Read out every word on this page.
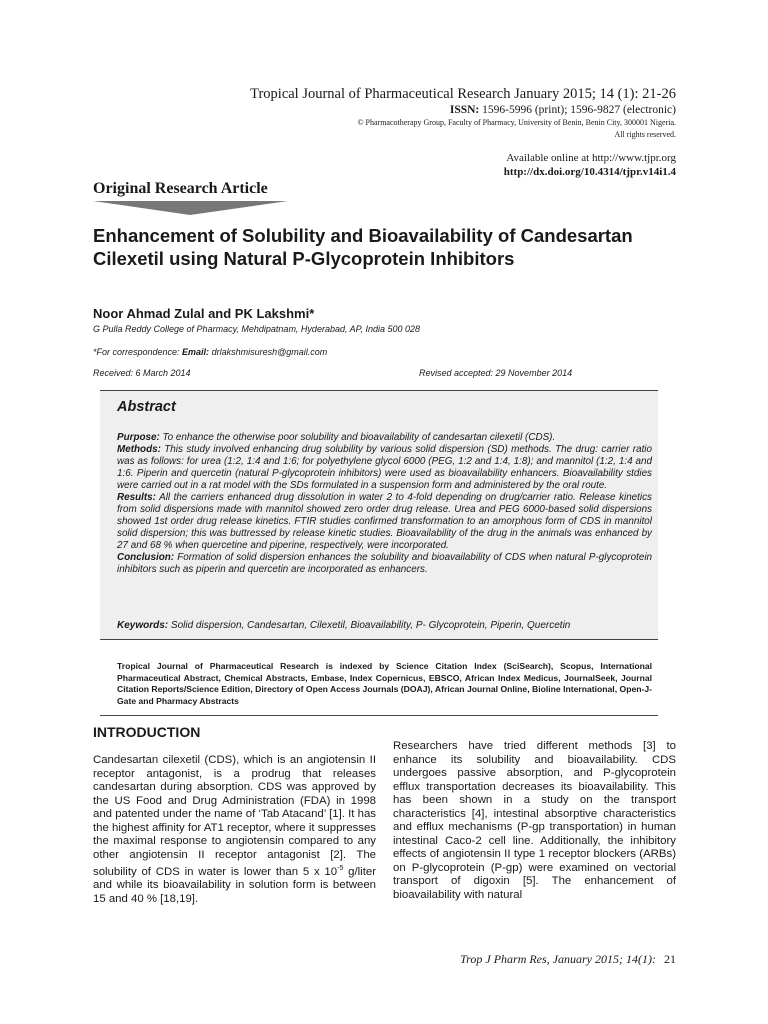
Tropical Journal of Pharmaceutical Research January 2015; 14 (1): 21-26
ISSN: 1596-5996 (print); 1596-9827 (electronic)
© Pharmacotherapy Group, Faculty of Pharmacy, University of Benin, Benin City, 300001 Nigeria.
All rights reserved.
Available online at http://www.tjpr.org
http://dx.doi.org/10.4314/tjpr.v14i1.4
Original Research Article
Enhancement of Solubility and Bioavailability of Candesartan Cilexetil using Natural P-Glycoprotein Inhibitors
Noor Ahmad Zulal and PK Lakshmi*
G Pulla Reddy College of Pharmacy, Mehdipatnam, Hyderabad, AP, India 500 028
*For correspondence: Email: drlakshmisuresh@gmail.com
Received: 6 March 2014	Revised accepted: 29 November 2014
Abstract
Purpose: To enhance the otherwise poor solubility and bioavailability of candesartan cilexetil (CDS).
Methods: This study involved enhancing drug solubility by various solid dispersion (SD) methods. The drug: carrier ratio was as follows: for urea (1:2, 1:4 and 1:6; for polyethylene glycol 6000 (PEG, 1:2 and 1:4, 1:8); and mannitol (1:2, 1:4 and 1:6. Piperin and quercetin (natural P-glycoprotein inhibitors) were used as bioavailability enhancers. Bioavailability stdies were carried out in a rat model with the SDs formulated in a suspension form and administered by the oral route.
Results: All the carriers enhanced drug dissolution in water 2 to 4-fold depending on drug/carrier ratio. Release kinetics from solid dispersions made with mannitol showed zero order drug release. Urea and PEG 6000-based solid dispersions showed 1st order drug release kinetics. FTIR studies confirmed transformation to an amorphous form of CDS in mannitol solid dispersion; this was buttressed by release kinetic studies. Bioavailability of the drug in the animals was enhanced by 27 and 68 % when quercetine and piperine, respectively, were incorporated.
Conclusion: Formation of solid dispersion enhances the solubility and bioavailability of CDS when natural P-glycoprotein inhibitors such as piperin and quercetin are incorporated as enhancers.
Keywords: Solid dispersion, Candesartan, Cilexetil, Bioavailability, P- Glycoprotein, Piperin, Quercetin
Tropical Journal of Pharmaceutical Research is indexed by Science Citation Index (SciSearch), Scopus, International Pharmaceutical Abstract, Chemical Abstracts, Embase, Index Copernicus, EBSCO, African Index Medicus, JournalSeek, Journal Citation Reports/Science Edition, Directory of Open Access Journals (DOAJ), African Journal Online, Bioline International, Open-J-Gate and Pharmacy Abstracts
INTRODUCTION
Candesartan cilexetil (CDS), which is an angiotensin II receptor antagonist, is a prodrug that releases candesartan during absorption. CDS was approved by the US Food and Drug Administration (FDA) in 1998 and patented under the name of ‘Tab Atacand’ [1]. It has the highest affinity for AT1 receptor, where it suppresses the maximal response to angiotensin compared to any other angiotensin II receptor antagonist [2]. The solubility of CDS in water is lower than 5 x $10^{-5}$ g/liter and while its bioavailability in solution form is between 15 and 40 % [18,19].
Researchers have tried different methods [3] to enhance its solubility and bioavailability. CDS undergoes passive absorption, and P-glycoprotein efflux transportation decreases its bioavailability. This has been shown in a study on the transport characteristics [4], intestinal absorptive characteristics and efflux mechanisms (P-gp transportation) in human intestinal Caco-2 cell line. Additionally, the inhibitory effects of angiotensin II type 1 receptor blockers (ARBs) on P-glycoprotein (P-gp) were examined on vectorial transport of digoxin [5]. The enhancement of bioavailability with natural
Trop J Pharm Res, January 2015; 14(1): 21
